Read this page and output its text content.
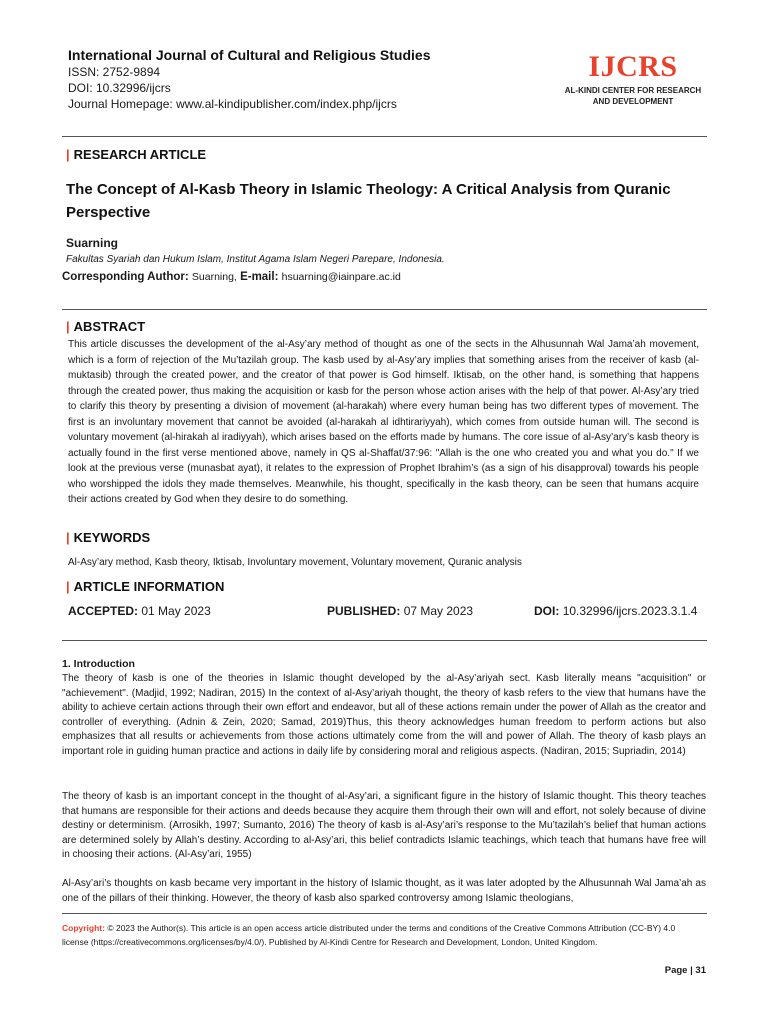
International Journal of Cultural and Religious Studies
ISSN: 2752-9894
DOI: 10.32996/ijcrs
Journal Homepage: www.al-kindipublisher.com/index.php/ijcrs
IJCRS
AL-KINDI CENTER FOR RESEARCH
AND DEVELOPMENT
| RESEARCH ARTICLE
The Concept of Al-Kasb Theory in Islamic Theology: A Critical Analysis from Quranic Perspective
Suarning
Fakultas Syariah dan Hukum Islam, Institut Agama Islam Negeri Parepare, Indonesia.
Corresponding Author: Suarning, E-mail: hsuarning@iainpare.ac.id
| ABSTRACT
This article discusses the development of the al-Asy’ary method of thought as one of the sects in the Alhusunnah Wal Jama’ah movement, which is a form of rejection of the Mu’tazilah group. The kasb used by al-Asy’ary implies that something arises from the receiver of kasb (al-muktasib) through the created power, and the creator of that power is God himself. Iktisab, on the other hand, is something that happens through the created power, thus making the acquisition or kasb for the person whose action arises with the help of that power. Al-Asy’ary tried to clarify this theory by presenting a division of movement (al-harakah) where every human being has two different types of movement. The first is an involuntary movement that cannot be avoided (al-harakah al idhtirariyyah), which comes from outside human will. The second is voluntary movement (al-hirakah al iradiyyah), which arises based on the efforts made by humans. The core issue of al-Asy’ary’s kasb theory is actually found in the first verse mentioned above, namely in QS al-Shaffat/37:96: "Allah is the one who created you and what you do." If we look at the previous verse (munasbat ayat), it relates to the expression of Prophet Ibrahim’s (as a sign of his disapproval) towards his people who worshipped the idols they made themselves. Meanwhile, his thought, specifically in the kasb theory, can be seen that humans acquire their actions created by God when they desire to do something.
| KEYWORDS
Al-Asy’ary method, Kasb theory, Iktisab, Involuntary movement, Voluntary movement, Quranic analysis
| ARTICLE INFORMATION
ACCEPTED: 01 May 2023	PUBLISHED: 07 May 2023	DOI: 10.32996/ijcrs.2023.3.1.4
1. Introduction
The theory of kasb is one of the theories in Islamic thought developed by the al-Asy’ariyah sect. Kasb literally means "acquisition" or "achievement". (Madjid, 1992; Nadiran, 2015) In the context of al-Asy’ariyah thought, the theory of kasb refers to the view that humans have the ability to achieve certain actions through their own effort and endeavor, but all of these actions remain under the power of Allah as the creator and controller of everything. (Adnin & Zein, 2020; Samad, 2019)Thus, this theory acknowledges human freedom to perform actions but also emphasizes that all results or achievements from those actions ultimately come from the will and power of Allah. The theory of kasb plays an important role in guiding human practice and actions in daily life by considering moral and religious aspects. (Nadiran, 2015; Supriadin, 2014)
The theory of kasb is an important concept in the thought of al-Asy’ari, a significant figure in the history of Islamic thought. This theory teaches that humans are responsible for their actions and deeds because they acquire them through their own will and effort, not solely because of divine destiny or determinism. (Arrosikh, 1997; Sumanto, 2016) The theory of kasb is al-Asy’ari’s response to the Mu’tazilah’s belief that human actions are determined solely by Allah’s destiny. According to al-Asy’ari, this belief contradicts Islamic teachings, which teach that humans have free will in choosing their actions. (Al-Asy’ari, 1955)
Al-Asy’ari’s thoughts on kasb became very important in the history of Islamic thought, as it was later adopted by the Alhusunnah Wal Jama’ah as one of the pillars of their thinking. However, the theory of kasb also sparked controversy among Islamic theologians,
Copyright: © 2023 the Author(s). This article is an open access article distributed under the terms and conditions of the Creative Commons Attribution (CC-BY) 4.0 license (https://creativecommons.org/licenses/by/4.0/). Published by Al-Kindi Centre for Research and Development, London, United Kingdom.
Page | 31
